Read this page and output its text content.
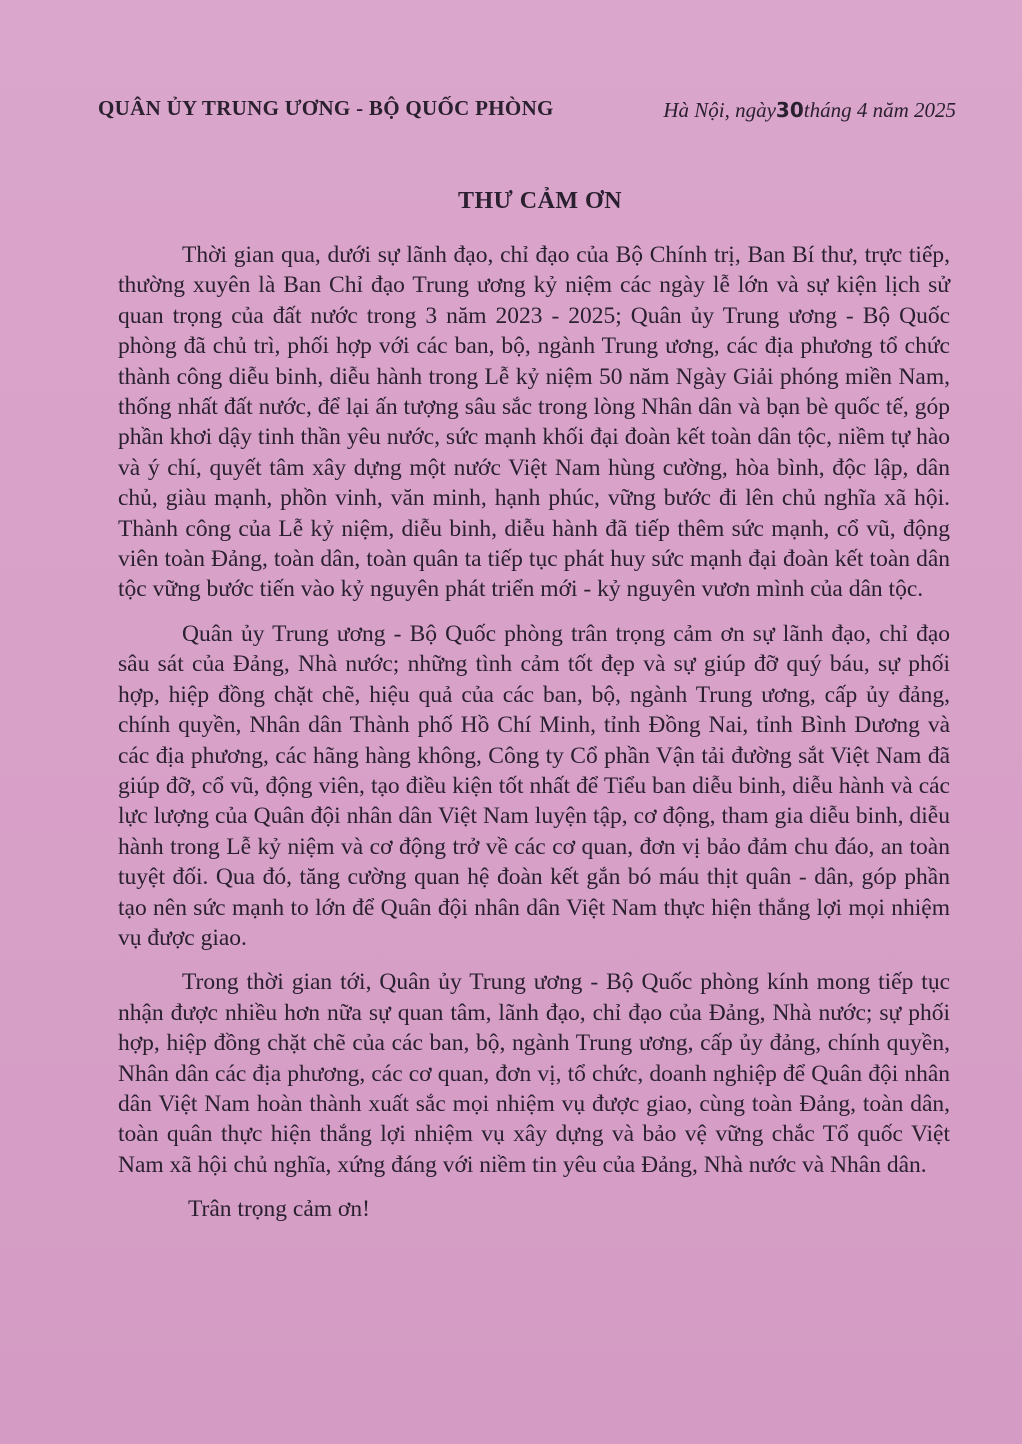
QUÂN ỦY TRUNG ƯƠNG - BỘ QUỐC PHÒNG	Hà Nội, ngày30tháng 4 năm 2025
THƯ CẢM ƠN

Thời gian qua, dưới sự lãnh đạo, chỉ đạo của Bộ Chính trị, Ban Bí thư, trực tiếp, thường xuyên là Ban Chỉ đạo Trung ương kỷ niệm các ngày lễ lớn và sự kiện lịch sử quan trọng của đất nước trong 3 năm 2023 - 2025; Quân ủy Trung ương - Bộ Quốc phòng đã chủ trì, phối hợp với các ban, bộ, ngành Trung ương, các địa phương tổ chức thành công diễu binh, diễu hành trong Lễ kỷ niệm 50 năm Ngày Giải phóng miền Nam, thống nhất đất nước, để lại ấn tượng sâu sắc trong lòng Nhân dân và bạn bè quốc tế, góp phần khơi dậy tinh thần yêu nước, sức mạnh khối đại đoàn kết toàn dân tộc, niềm tự hào và ý chí, quyết tâm xây dựng một nước Việt Nam hùng cường, hòa bình, độc lập, dân chủ, giàu mạnh, phồn vinh, văn minh, hạnh phúc, vững bước đi lên chủ nghĩa xã hội. Thành công của Lễ kỷ niệm, diễu binh, diễu hành đã tiếp thêm sức mạnh, cổ vũ, động viên toàn Đảng, toàn dân, toàn quân ta tiếp tục phát huy sức mạnh đại đoàn kết toàn dân tộc vững bước tiến vào kỷ nguyên phát triển mới - kỷ nguyên vươn mình của dân tộc.

Quân ủy Trung ương - Bộ Quốc phòng trân trọng cảm ơn sự lãnh đạo, chỉ đạo sâu sát của Đảng, Nhà nước; những tình cảm tốt đẹp và sự giúp đỡ quý báu, sự phối hợp, hiệp đồng chặt chẽ, hiệu quả của các ban, bộ, ngành Trung ương, cấp ủy đảng, chính quyền, Nhân dân Thành phố Hồ Chí Minh, tỉnh Đồng Nai, tỉnh Bình Dương và các địa phương, các hãng hàng không, Công ty Cổ phần Vận tải đường sắt Việt Nam đã giúp đỡ, cổ vũ, động viên, tạo điều kiện tốt nhất để Tiểu ban diễu binh, diễu hành và các lực lượng của Quân đội nhân dân Việt Nam luyện tập, cơ động, tham gia diễu binh, diễu hành trong Lễ kỷ niệm và cơ động trở về các cơ quan, đơn vị bảo đảm chu đáo, an toàn tuyệt đối. Qua đó, tăng cường quan hệ đoàn kết gắn bó máu thịt quân - dân, góp phần tạo nên sức mạnh to lớn để Quân đội nhân dân Việt Nam thực hiện thắng lợi mọi nhiệm vụ được giao.

Trong thời gian tới, Quân ủy Trung ương - Bộ Quốc phòng kính mong tiếp tục nhận được nhiều hơn nữa sự quan tâm, lãnh đạo, chỉ đạo của Đảng, Nhà nước; sự phối hợp, hiệp đồng chặt chẽ của các ban, bộ, ngành Trung ương, cấp ủy đảng, chính quyền, Nhân dân các địa phương, các cơ quan, đơn vị, tổ chức, doanh nghiệp để Quân đội nhân dân Việt Nam hoàn thành xuất sắc mọi nhiệm vụ được giao, cùng toàn Đảng, toàn dân, toàn quân thực hiện thắng lợi nhiệm vụ xây dựng và bảo vệ vững chắc Tổ quốc Việt Nam xã hội chủ nghĩa, xứng đáng với niềm tin yêu của Đảng, Nhà nước và Nhân dân.

Trân trọng cảm ơn!
